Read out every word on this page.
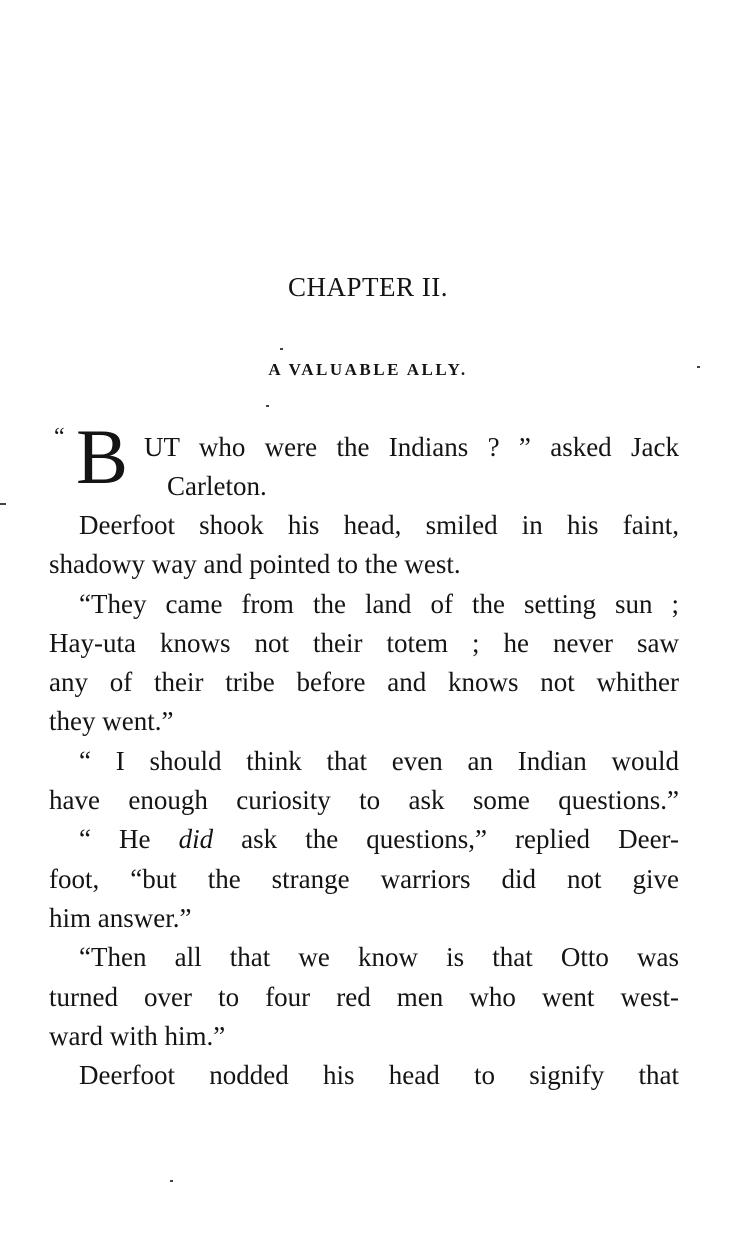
CHAPTER II.
A VALUABLE ALLY.
“ B UT who were the Indians ? ” asked Jack
Carleton.
Deerfoot shook his head, smiled in his faint,
shadowy way and pointed to the west.
“They came from the land of the setting sun ;
Hay-uta knows not their totem ; he never saw
any of their tribe before and knows not whither
they went.”
“ I should think that even an Indian would
have enough curiosity to ask some questions.”
“ He did ask the questions,” replied Deer-
foot, “but the strange warriors did not give
him answer.”
“Then all that we know is that Otto was
turned over to four red men who went west-
ward with him.”
Deerfoot nodded his head to signify that
